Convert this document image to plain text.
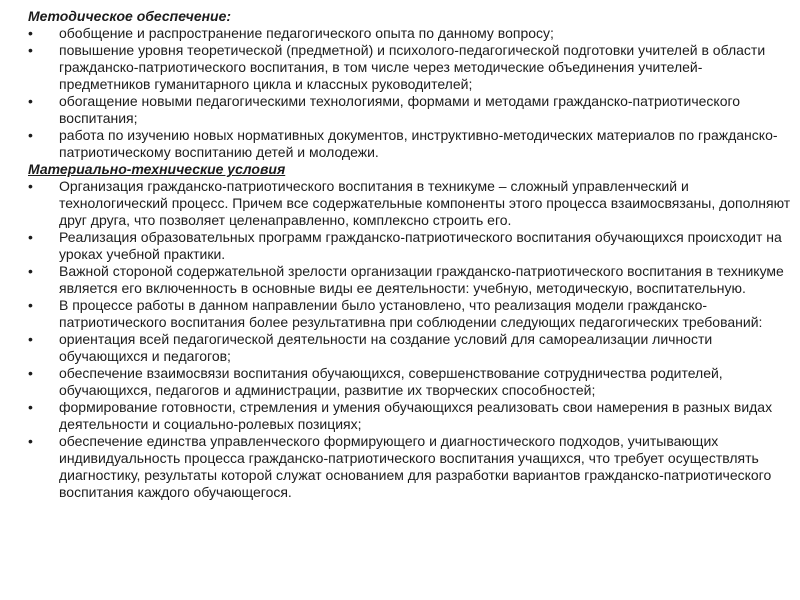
Методическое обеспечение:

•	обобщение и распространение педагогического опыта по данному вопросу;
•	повышение уровня теоретической (предметной) и психолого-педагогической подготовки учителей в области гражданско-патриотического воспитания, в том числе через методические объединения учителей-предметников гуманитарного цикла и классных руководителей;
•	обогащение новыми педагогическими технологиями, формами и методами гражданско-патриотического воспитания;
•	работа по изучению новых нормативных документов, инструктивно-методических материалов по гражданско-патриотическому воспитанию детей и молодежи.

Материально-технические условия

•	Организация гражданско-патриотического воспитания в техникуме – сложный управленческий и технологический процесс. Причем все содержательные компоненты этого процесса взаимосвязаны, дополняют друг друга, что позволяет целенаправленно, комплексно строить его.
•	Реализация образовательных программ гражданско-патриотического воспитания обучающихся происходит на уроках учебной практики.
•	Важной стороной содержательной зрелости организации гражданско-патриотического воспитания в техникуме является его включенность в основные виды ее деятельности: учебную, методическую, воспитательную.
•	В процессе работы в данном направлении было установлено, что реализация модели гражданско-патриотического воспитания более результативна при соблюдении следующих педагогических требований:
•	ориентация всей педагогической деятельности на создание условий для самореализации личности обучающихся и педагогов;
•	обеспечение взаимосвязи воспитания обучающихся, совершенствование сотрудничества родителей, обучающихся, педагогов и администрации, развитие их творческих способностей;
•	формирование готовности, стремления и умения обучающихся реализовать свои намерения в разных видах деятельности и социально-ролевых позициях;
•	обеспечение единства управленческого формирующего и диагностического подходов, учитывающих индивидуальность процесса гражданско-патриотического воспитания учащихся, что требует осуществлять диагностику, результаты которой служат основанием для разработки вариантов гражданско-патриотического воспитания каждого обучающегося.
